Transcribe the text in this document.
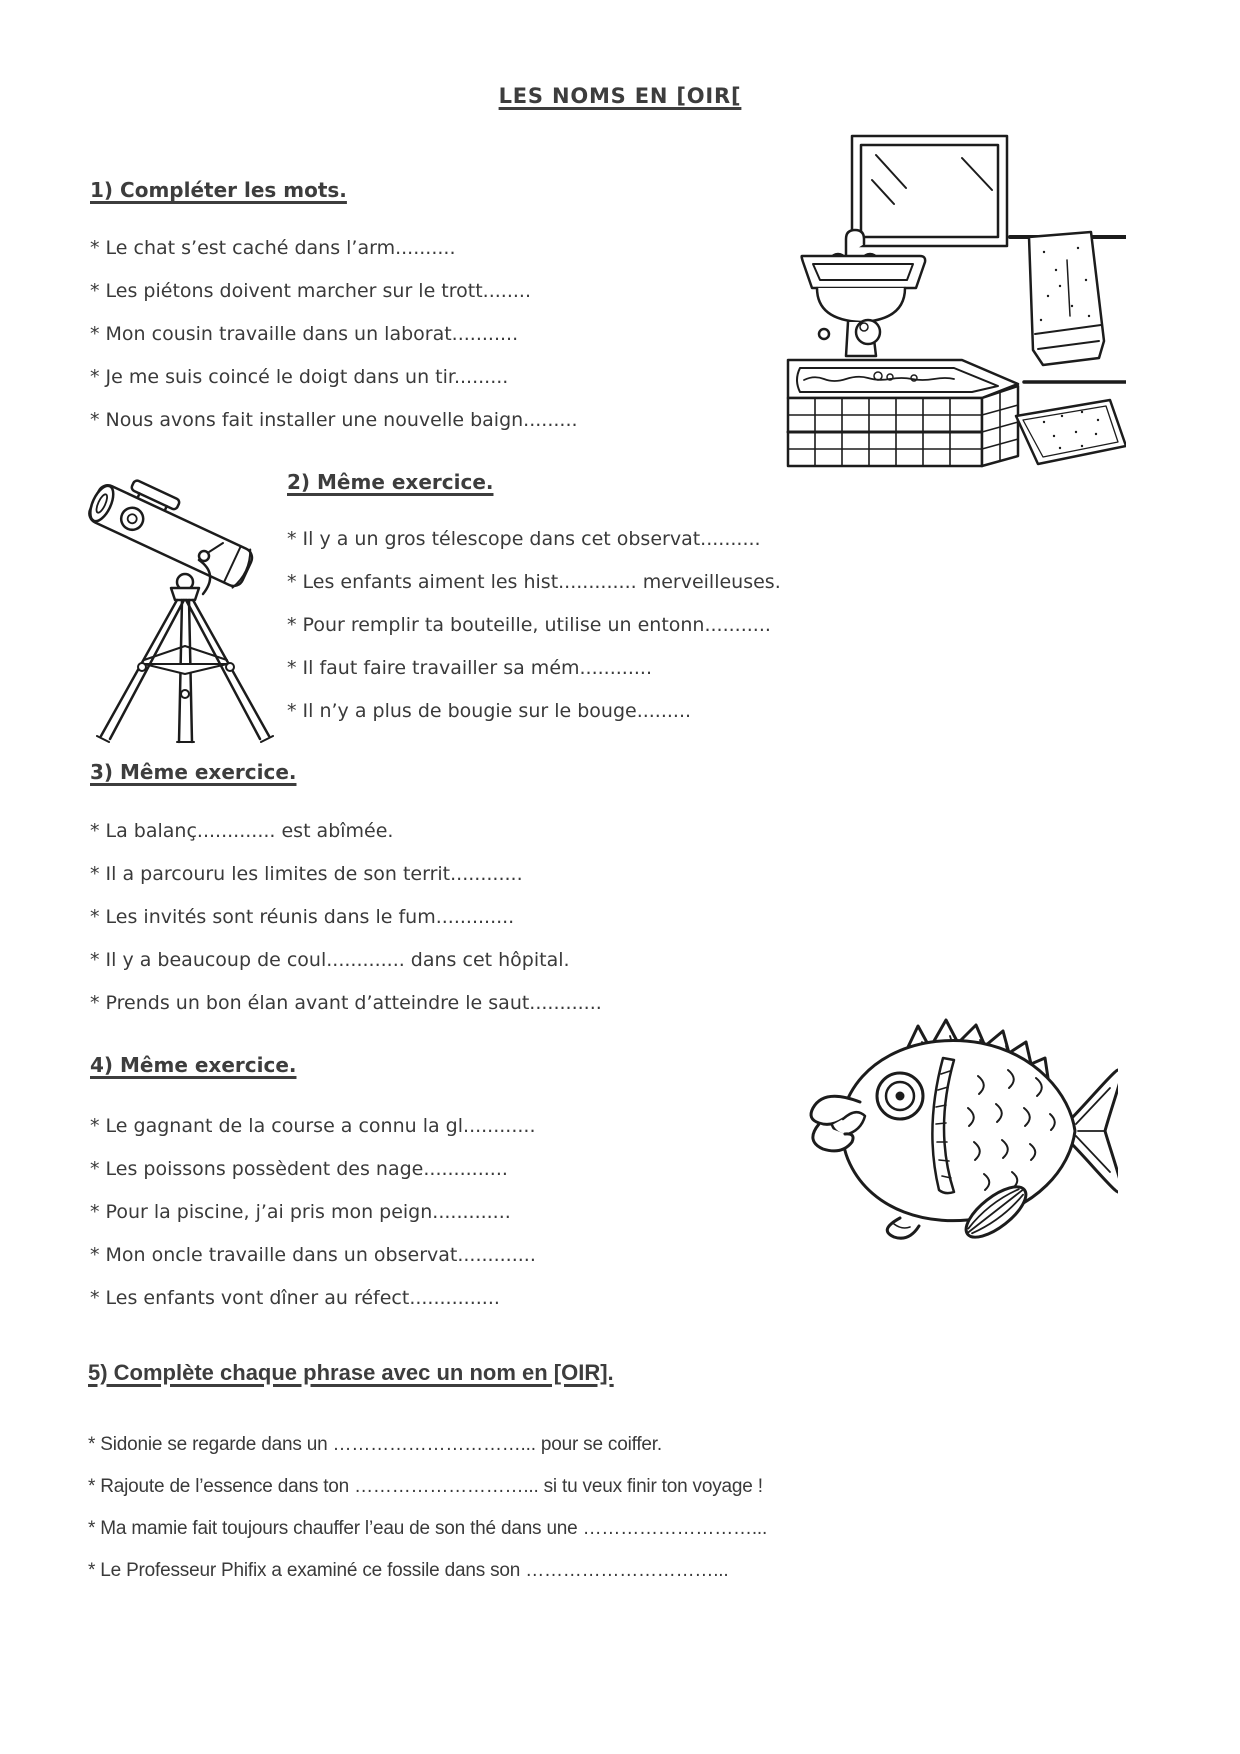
LES NOMS EN [OIR[
1) Compléter les mots.
* Le chat s’est caché dans l’arm..........
* Les piétons doivent marcher sur le trott........
* Mon cousin travaille dans un laborat...........
* Je me suis coincé le doigt dans un tir.........
* Nous avons fait installer une nouvelle baign.........
2) Même exercice.
* Il y a un gros télescope dans cet observat..........
* Les enfants aiment les hist............. merveilleuses.
* Pour remplir ta bouteille, utilise un entonn...........
* Il faut faire travailler sa mém............
* Il n’y a plus de bougie sur le bouge.........
3) Même exercice.
* La balanç............. est abîmée.
* Il a parcouru les limites de son territ............
* Les invités sont réunis dans le fum.............
* Il y a beaucoup de coul............. dans cet hôpital.
* Prends un bon élan avant d’atteindre le saut............
4) Même exercice.
* Le gagnant de la course a connu la gl............
* Les poissons possèdent des nage..............
* Pour la piscine, j’ai pris mon peign.............
* Mon oncle travaille dans un observat.............
* Les enfants vont dîner au réfect...............
5) Complète chaque phrase avec un nom en [OIR].
* Sidonie se regarde dans un …………………………... pour se coiffer.
* Rajoute de l’essence dans ton ………………………... si tu veux finir ton voyage !
* Ma mamie fait toujours chauffer l’eau de son thé dans une ………………………...
* Le Professeur Phifix a examiné ce fossile dans son …………………………...
